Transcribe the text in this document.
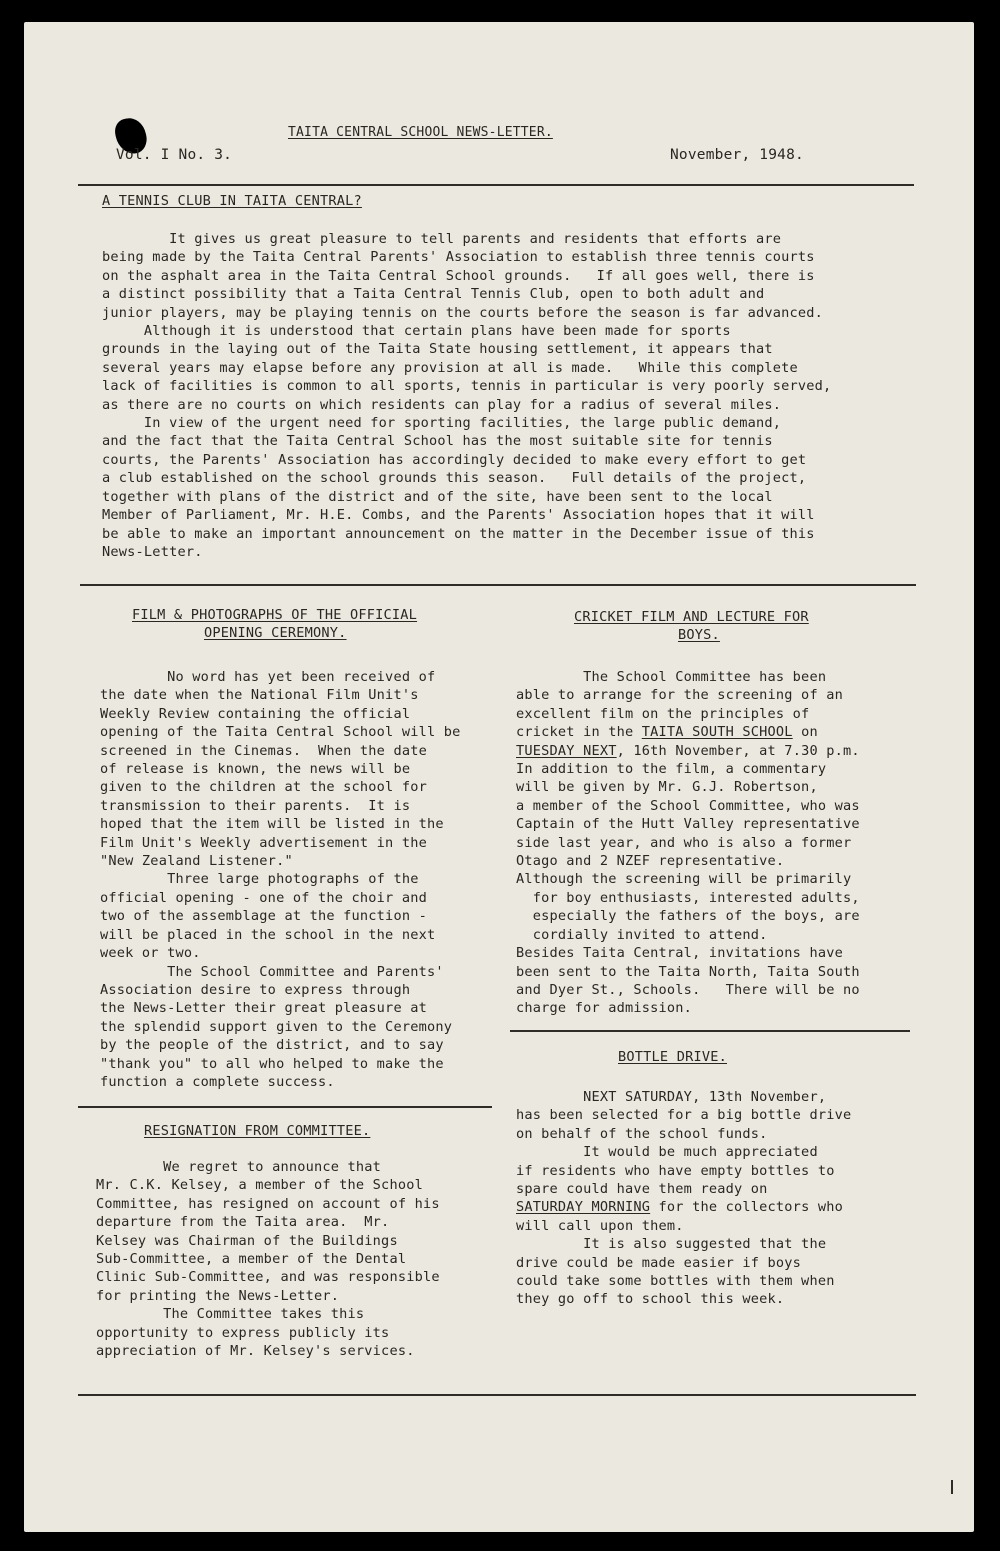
TAITA CENTRAL SCHOOL NEWS-LETTER.
Vol. I No. 3.	November, 1948.
A TENNIS CLUB IN TAITA CENTRAL?
It gives us great pleasure to tell parents and residents that efforts are
being made by the Taita Central Parents' Association to establish three tennis courts
on the asphalt area in the Taita Central School grounds.   If all goes well, there is
a distinct possibility that a Taita Central Tennis Club, open to both adult and
junior players, may be playing tennis on the courts before the season is far advanced.
Although it is understood that certain plans have been made for sports
grounds in the laying out of the Taita State housing settlement, it appears that
several years may elapse before any provision at all is made.   While this complete
lack of facilities is common to all sports, tennis in particular is very poorly served,
as there are no courts on which residents can play for a radius of several miles.
In view of the urgent need for sporting facilities, the large public demand,
and the fact that the Taita Central School has the most suitable site for tennis
courts, the Parents' Association has accordingly decided to make every effort to get
a club established on the school grounds this season.   Full details of the project,
together with plans of the district and of the site, have been sent to the local
Member of Parliament, Mr. H.E. Combs, and the Parents' Association hopes that it will
be able to make an important announcement on the matter in the December issue of this
News-Letter.
FILM & PHOTOGRAPHS OF THE OFFICIAL
OPENING CEREMONY.
No word has yet been received of
the date when the National Film Unit's
Weekly Review containing the official
opening of the Taita Central School will be
screened in the Cinemas.  When the date
of release is known, the news will be
given to the children at the school for
transmission to their parents.  It is
hoped that the item will be listed in the
Film Unit's Weekly advertisement in the
"New Zealand Listener."
Three large photographs of the
official opening - one of the choir and
two of the assemblage at the function -
will be placed in the school in the next
week or two.
The School Committee and Parents'
Association desire to express through
the News-Letter their great pleasure at
the splendid support given to the Ceremony
by the people of the district, and to say
"thank you" to all who helped to make the
function a complete success.
RESIGNATION FROM COMMITTEE.
We regret to announce that
Mr. C.K. Kelsey, a member of the School
Committee, has resigned on account of his
departure from the Taita area.  Mr.
Kelsey was Chairman of the Buildings
Sub-Committee, a member of the Dental
Clinic Sub-Committee, and was responsible
for printing the News-Letter.
The Committee takes this
opportunity to express publicly its
appreciation of Mr. Kelsey's services.
CRICKET FILM AND LECTURE FOR
BOYS.
The School Committee has been
able to arrange for the screening of an
excellent film on the principles of
cricket in the TAITA SOUTH SCHOOL on
TUESDAY NEXT, 16th November, at 7.30 p.m.
In addition to the film, a commentary
will be given by Mr. G.J. Robertson,
a member of the School Committee, who was
Captain of the Hutt Valley representative
side last year, and who is also a former
Otago and 2 NZEF representative.
Although the screening will be primarily
for boy enthusiasts, interested adults,
especially the fathers of the boys, are
cordially invited to attend.
Besides Taita Central, invitations have
been sent to the Taita North, Taita South
and Dyer St., Schools.   There will be no
charge for admission.
BOTTLE DRIVE.
NEXT SATURDAY, 13th November,
has been selected for a big bottle drive
on behalf of the school funds.
It would be much appreciated
if residents who have empty bottles to
spare could have them ready on
SATURDAY MORNING for the collectors who
will call upon them.
It is also suggested that the
drive could be made easier if boys
could take some bottles with them when
they go off to school this week.
